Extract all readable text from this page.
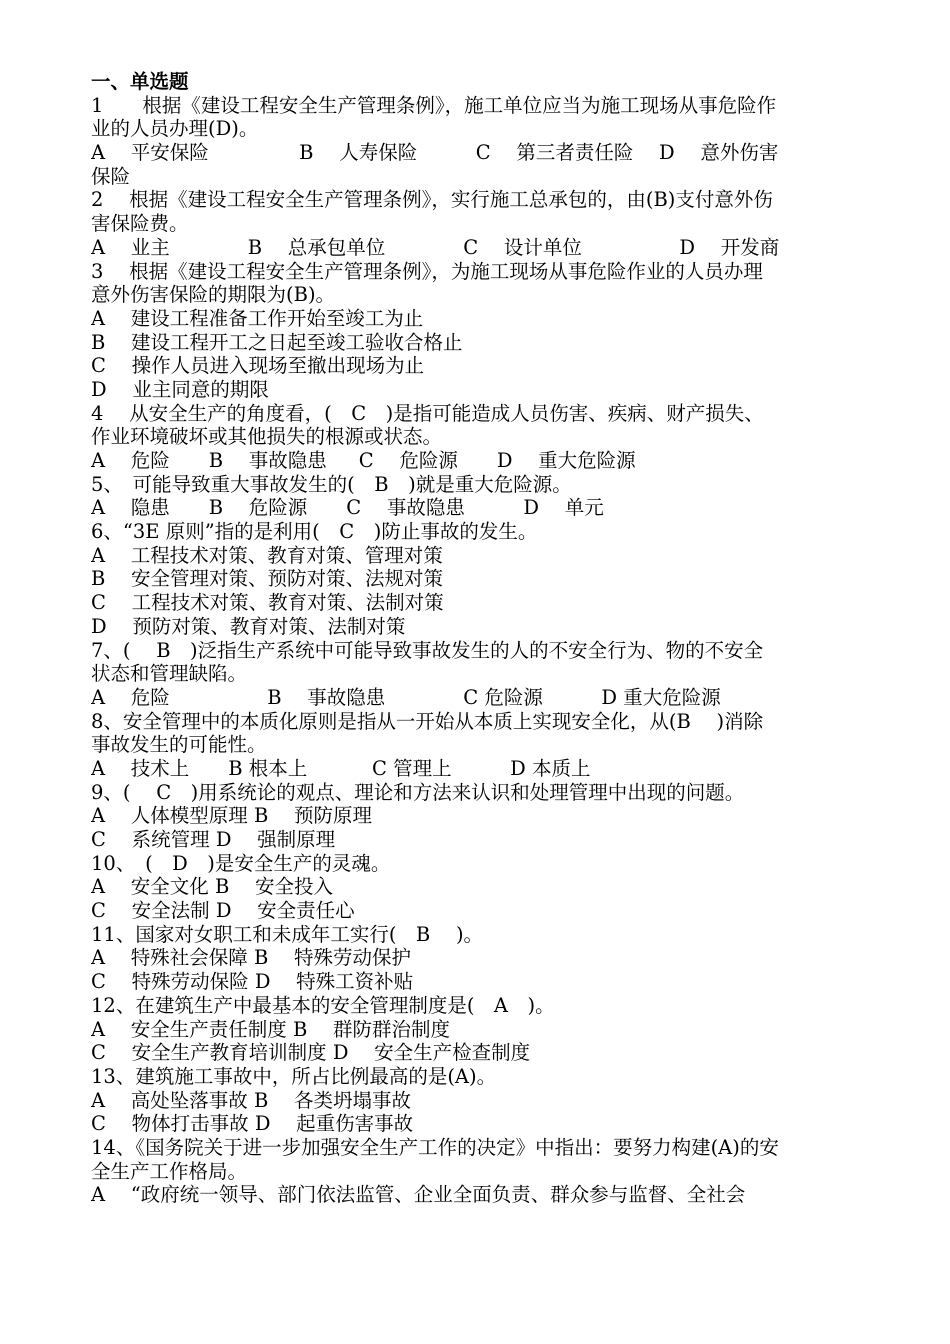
一、单选题
1　　根据《建设工程安全生产管理条例》，施工单位应当为施工现场从事危险作
业的人员办理(D)。
A　 平安保险　　　　  B　 人寿保险　　　C　 第三者责任险　 D　 意外伤害
保险
2　 根据《建设工程安全生产管理条例》，实行施工总承包的，由(B)支付意外伤
害保险费。
A　 业主　　　　B　 总承包单位　　　　C　 设计单位　　　　　D　 开发商
3　 根据《建设工程安全生产管理条例》，为施工现场从事危险作业的人员办理
意外伤害保险的期限为(B)。
A　 建设工程准备工作开始至竣工为止
B　 建设工程开工之日起至竣工验收合格止
C　 操作人员进入现场至撤出现场为止
D　 业主同意的期限
4　 从安全生产的角度看，(　C　)是指可能造成人员伤害、疾病、财产损失、
作业环境破坏或其他损失的根源或状态。
A　 危险　　B　 事故隐患　  C　 危险源　　D　 重大危险源
5、　可能导致重大事故发生的(　B　)就是重大危险源。
A　 隐患　　B　 危险源　　C　 事故隐患　　　D　 单元
6、“3E 原则”指的是利用(　C　)防止事故的发生。
A　 工程技术对策、教育对策、管理对策
B　 安全管理对策、预防对策、法规对策
C　 工程技术对策、教育对策、法制对策
D　 预防对策、教育对策、法制对策
7、(　 B　)泛指生产系统中可能导致事故发生的人的不安全行为、物的不安全
状态和管理缺陷。
A　 危险　　　　　B　 事故隐患　　　　C 危险源　　　D 重大危险源
8、安全管理中的本质化原则是指从一开始从本质上实现安全化，从(B　 )消除
事故发生的可能性。
A　 技术上　　B 根本上　　　 C 管理上　　　D 本质上
9、(　 C　)用系统论的观点、理论和方法来认识和处理管理中出现的问题。
A　 人体模型原理 B　 预防原理
C　 系统管理 D　 强制原理
10、　(　D　)是安全生产的灵魂。
A　 安全文化 B　 安全投入
C　 安全法制 D　 安全责任心
11、国家对女职工和未成年工实行(　B　 )。
A　 特殊社会保障 B　 特殊劳动保护
C　 特殊劳动保险 D　 特殊工资补贴
12、在建筑生产中最基本的安全管理制度是(　A　)。
A　 安全生产责任制度 B　 群防群治制度
C　 安全生产教育培训制度 D　 安全生产检查制度
13、建筑施工事故中，所占比例最高的是(A)。
A　 高处坠落事故 B　 各类坍塌事故
C　 物体打击事故 D　 起重伤害事故
14、《国务院关于进一步加强安全生产工作的决定》中指出：要努力构建(A)的安
全生产工作格局。
A　 “政府统一领导、部门依法监管、企业全面负责、群众参与监督、全社会
